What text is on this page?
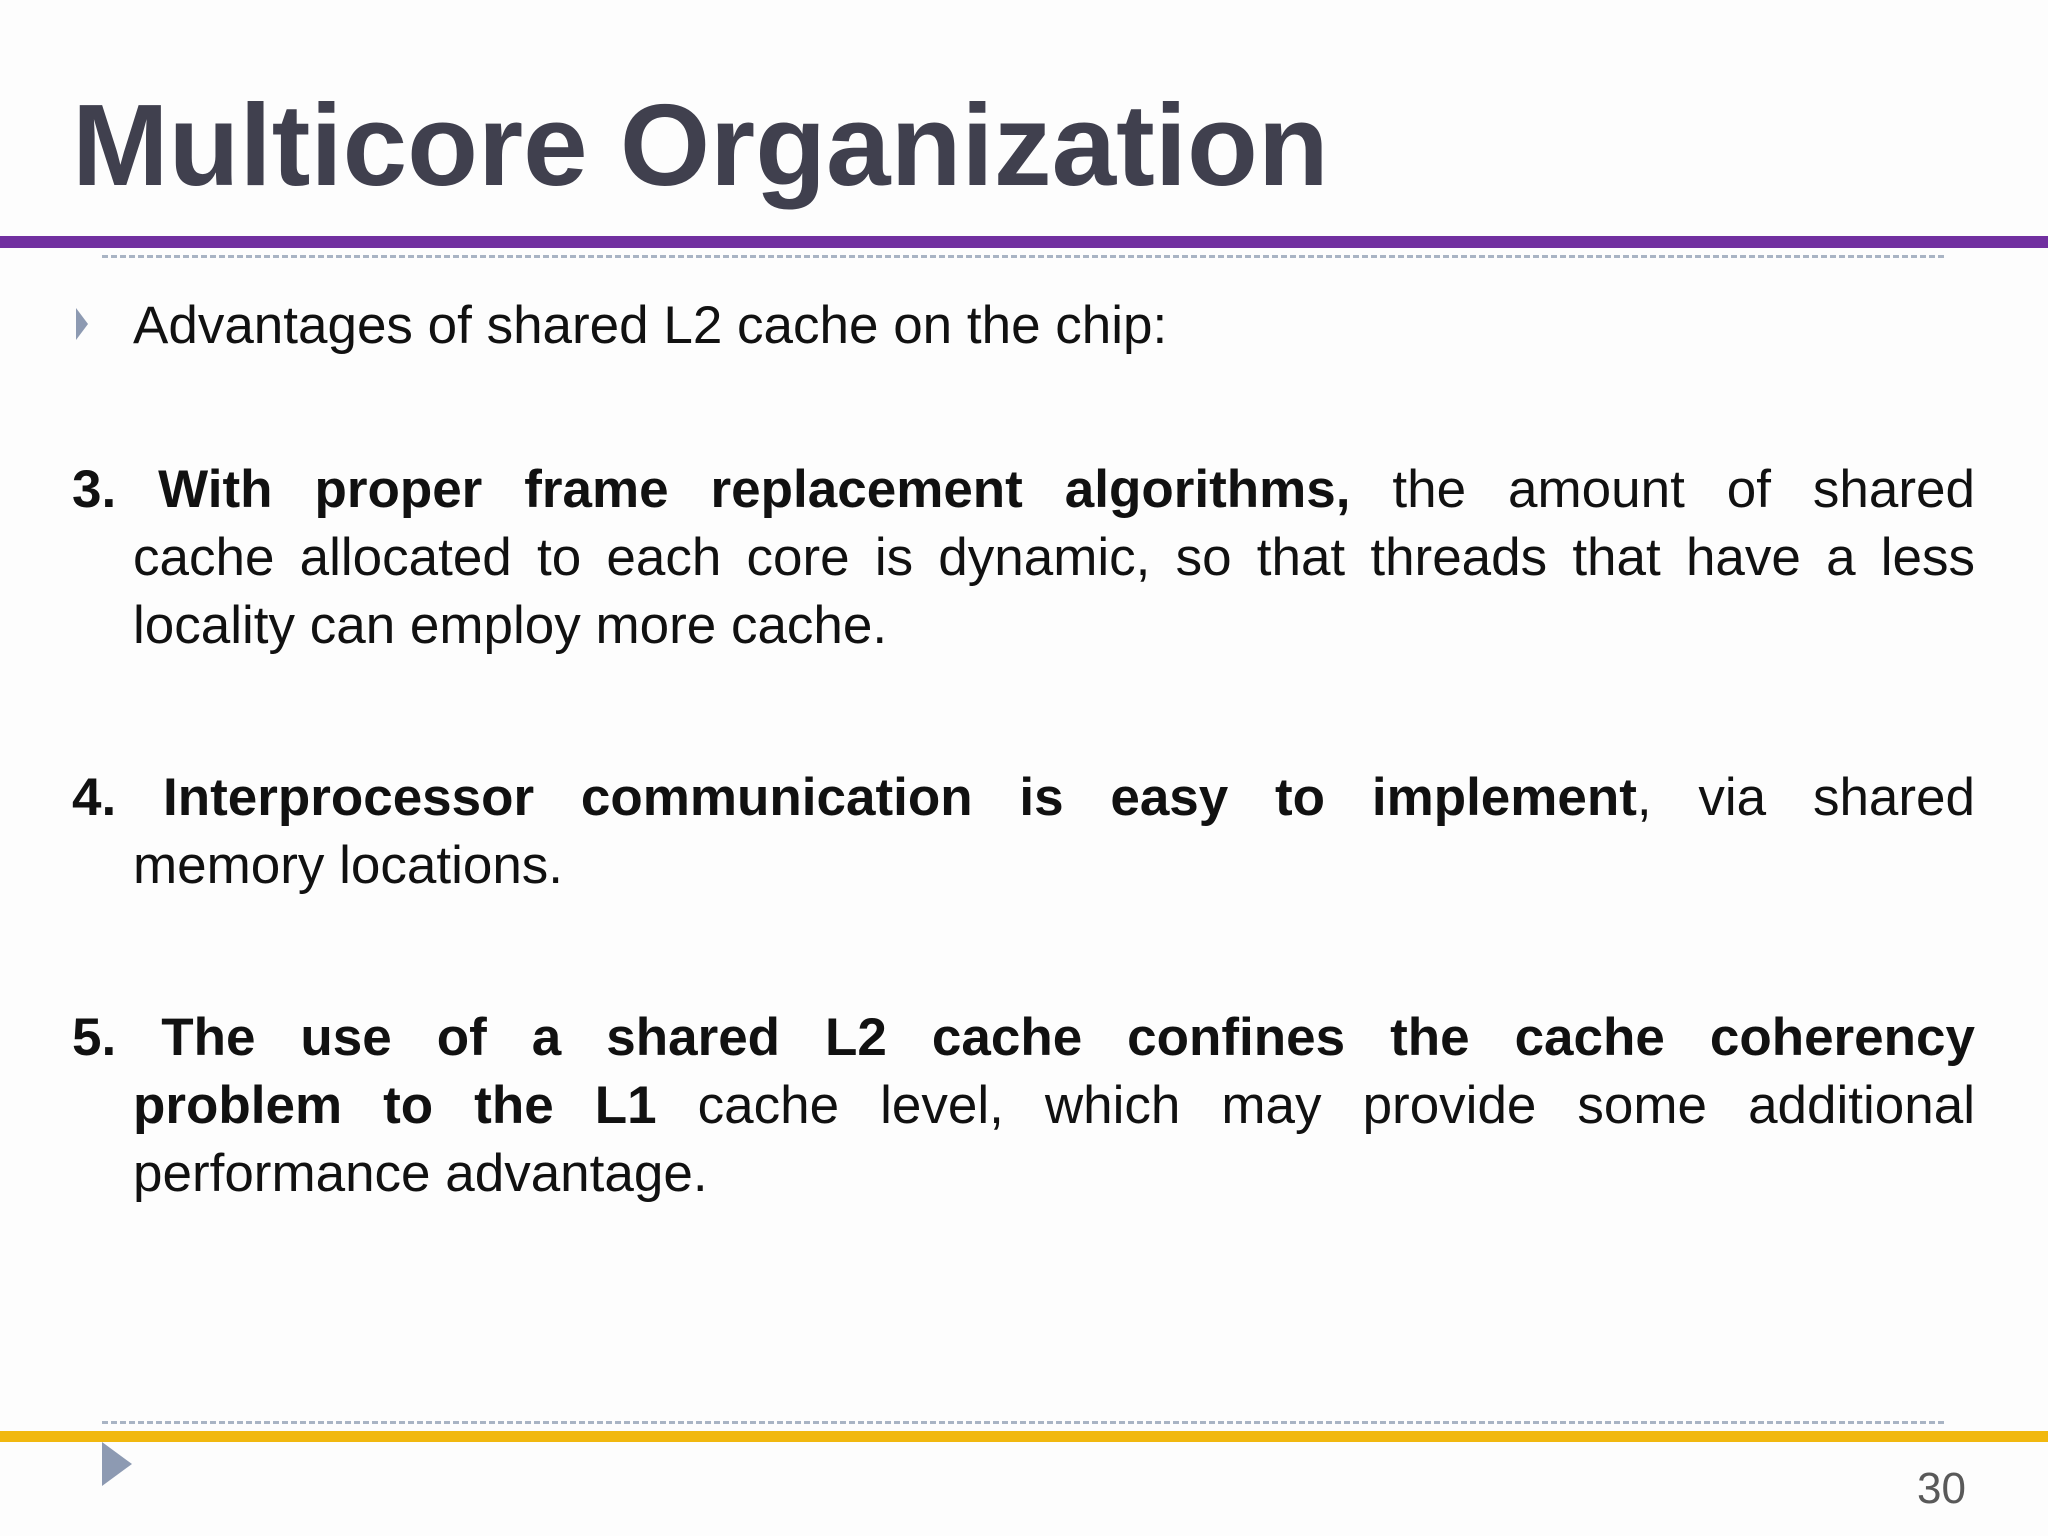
Multicore Organization
Advantages of shared L2 cache on the chip:
3. With proper frame replacement algorithms, the amount of shared
cache allocated to each core is dynamic, so that threads that have a less
locality can employ more cache.
4. Interprocessor communication is easy to implement, via shared
memory locations.
5. The use of a shared L2 cache confines the cache coherency
problem to the L1 cache level, which may provide some additional
performance advantage.
30
